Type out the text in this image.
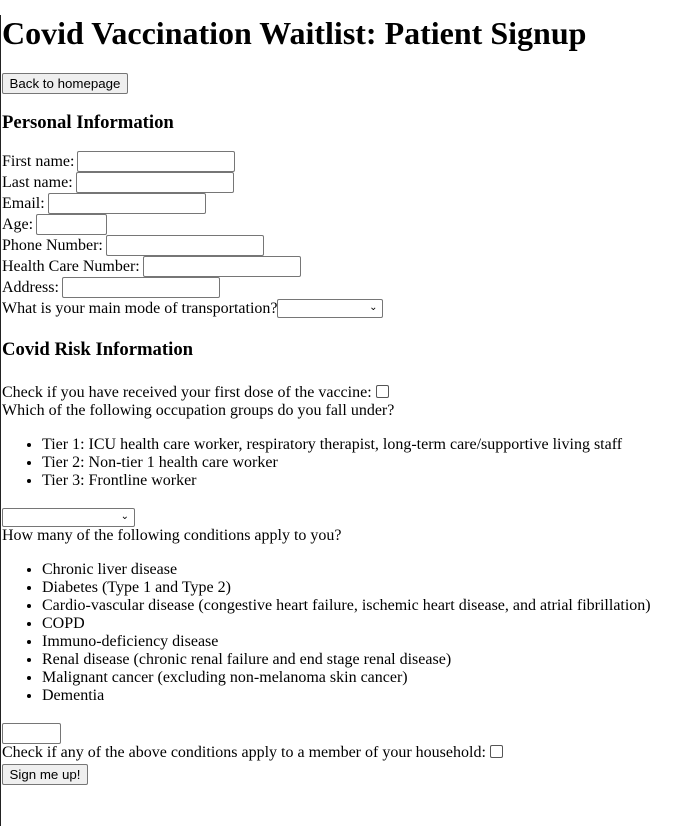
Covid Vaccination Waitlist: Patient Signup
Back to homepage
Personal Information
First name:
Last name:
Email:
Age:
Phone Number:
Health Care Number:
Address:
What is your main mode of transportation?	⌄
Covid Risk Information
Check if you have received your first dose of the vaccine:
Which of the following occupation groups do you fall under?
• Tier 1: ICU health care worker, respiratory therapist, long-term care/supportive living staff
• Tier 2: Non-tier 1 health care worker
• Tier 3: Frontline worker
⌄
How many of the following conditions apply to you?
• Chronic liver disease
• Diabetes (Type 1 and Type 2)
• Cardio-vascular disease (congestive heart failure, ischemic heart disease, and atrial fibrillation)
• COPD
• Immuno-deficiency disease
• Renal disease (chronic renal failure and end stage renal disease)
• Malignant cancer (excluding non-melanoma skin cancer)
• Dementia
Check if any of the above conditions apply to a member of your household:
Sign me up!
